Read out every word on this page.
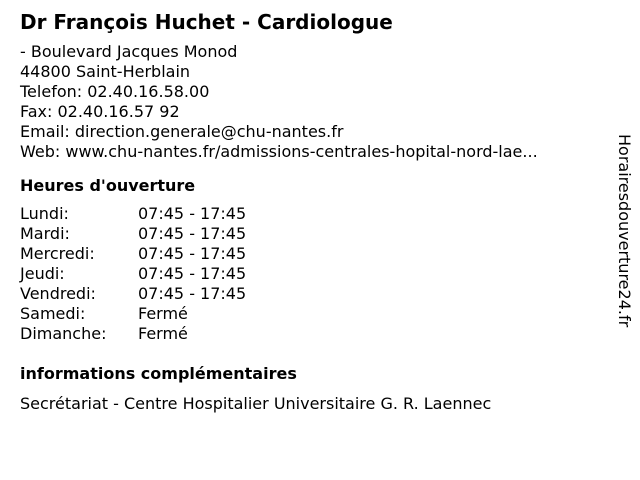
Dr François Huchet - Cardiologue
- Boulevard Jacques Monod
44800 Saint-Herblain
Telefon: 02.40.16.58.00
Fax: 02.40.16.57 92
Email: direction.generale@chu-nantes.fr
Web: www.chu-nantes.fr/admissions-centrales-hopital-nord-lae...
Heures d'ouverture
Lundi:	07:45 - 17:45
Mardi:	07:45 - 17:45
Mercredi:	07:45 - 17:45
Jeudi:	07:45 - 17:45
Vendredi:	07:45 - 17:45
Samedi:	Fermé
Dimanche:	Fermé
informations complémentaires
Secrétariat - Centre Hospitalier Universitaire G. R. Laennec
Horairesdouverture24.fr
